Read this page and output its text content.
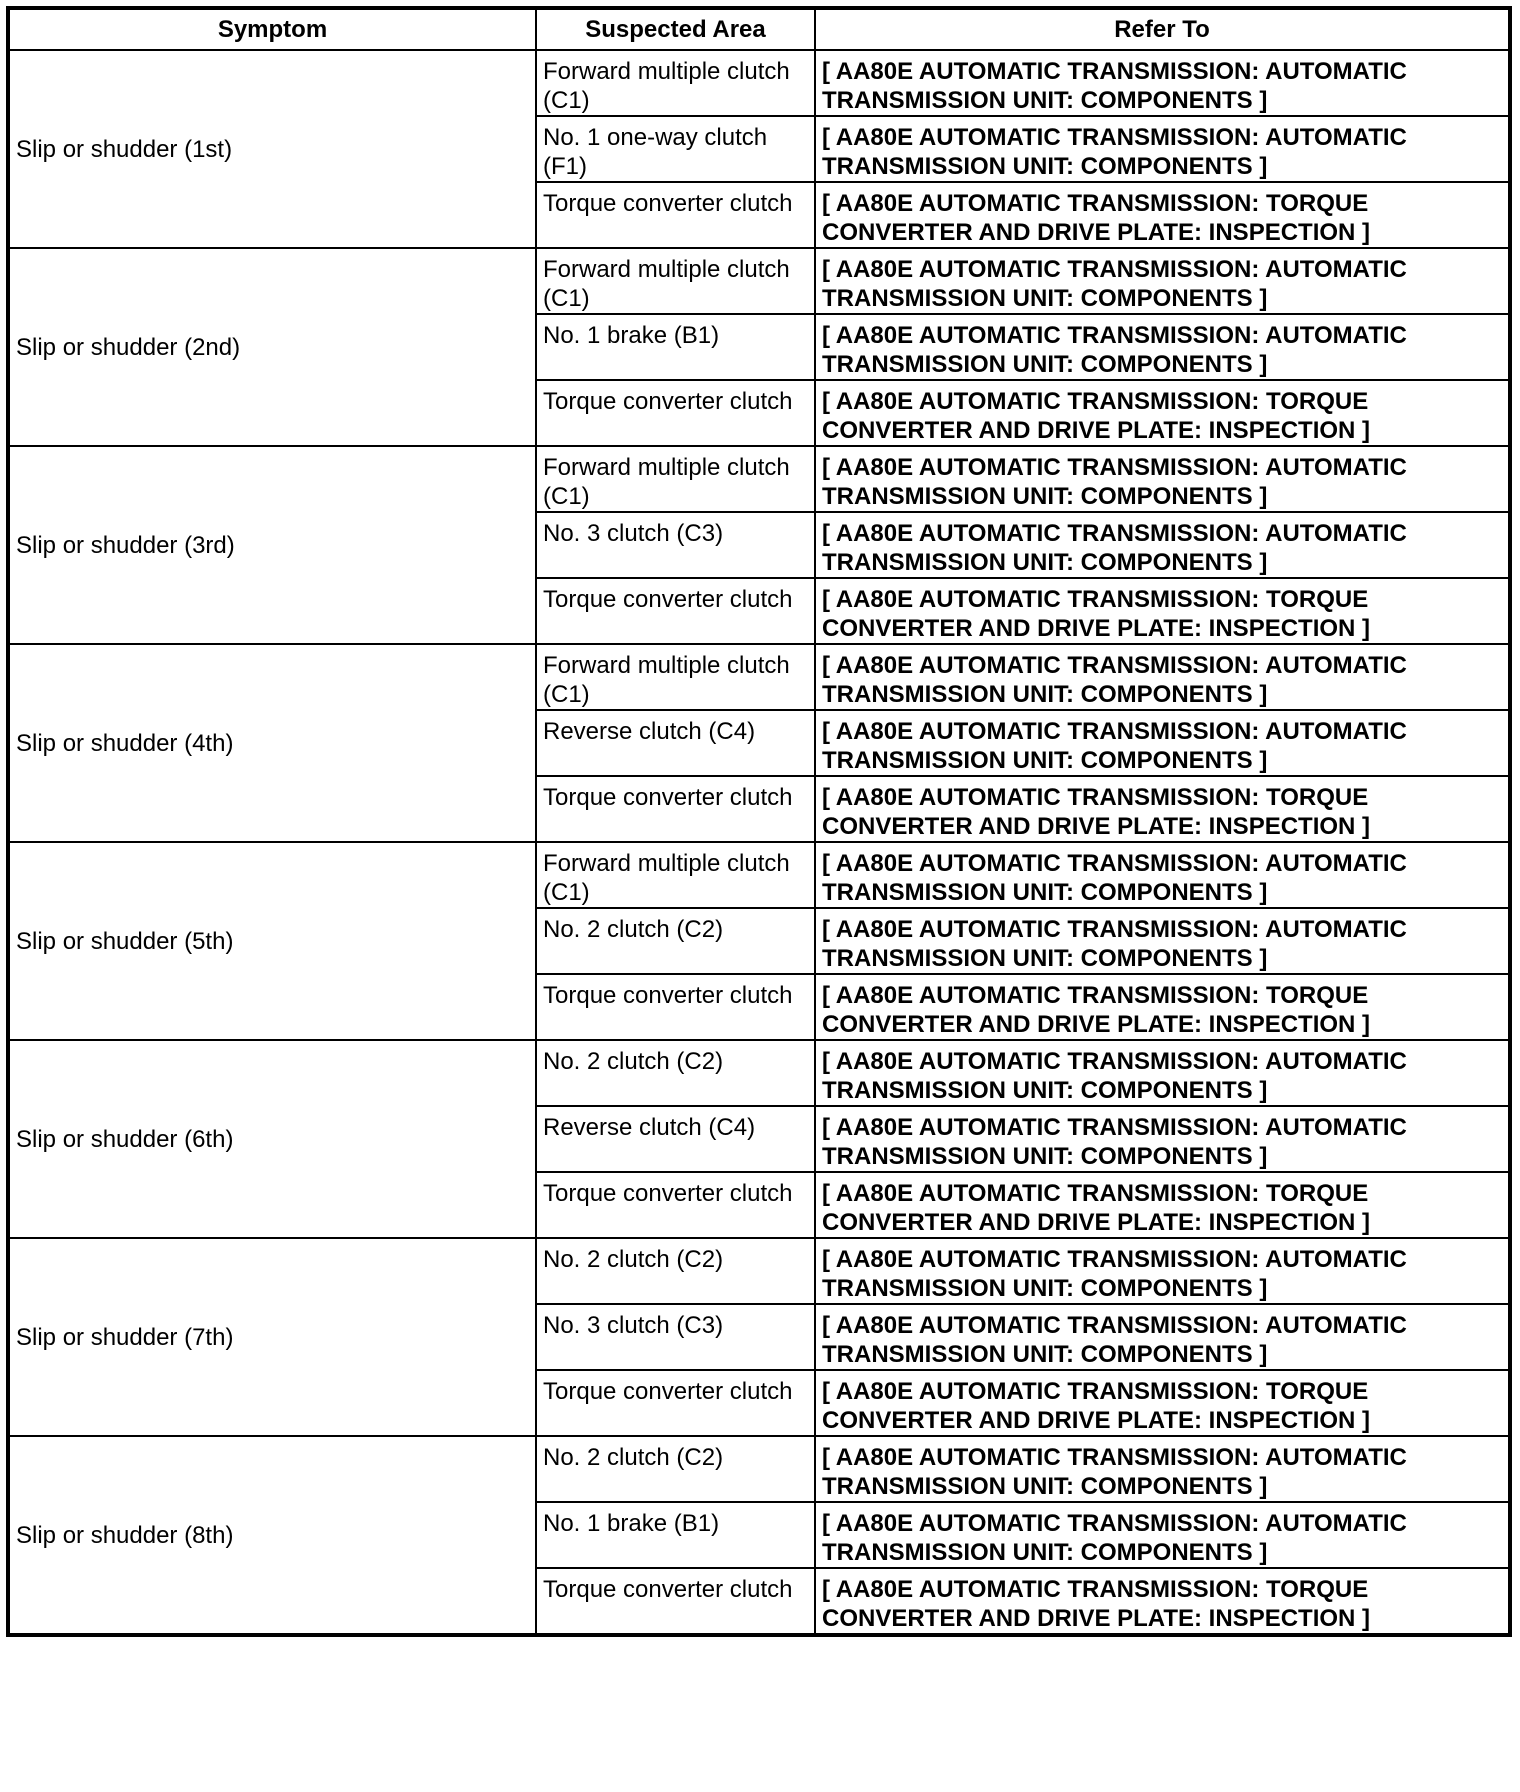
Symptom	Suspected Area	Refer To
Slip or shudder (1st)	Forward multiple clutch (C1)	[ AA80E AUTOMATIC TRANSMISSION: AUTOMATIC TRANSMISSION UNIT: COMPONENTS ]
	No. 1 one-way clutch (F1)	[ AA80E AUTOMATIC TRANSMISSION: AUTOMATIC TRANSMISSION UNIT: COMPONENTS ]
	Torque converter clutch	[ AA80E AUTOMATIC TRANSMISSION: TORQUE CONVERTER AND DRIVE PLATE: INSPECTION ]
Slip or shudder (2nd)	Forward multiple clutch (C1)	[ AA80E AUTOMATIC TRANSMISSION: AUTOMATIC TRANSMISSION UNIT: COMPONENTS ]
	No. 1 brake (B1)	[ AA80E AUTOMATIC TRANSMISSION: AUTOMATIC TRANSMISSION UNIT: COMPONENTS ]
	Torque converter clutch	[ AA80E AUTOMATIC TRANSMISSION: TORQUE CONVERTER AND DRIVE PLATE: INSPECTION ]
Slip or shudder (3rd)	Forward multiple clutch (C1)	[ AA80E AUTOMATIC TRANSMISSION: AUTOMATIC TRANSMISSION UNIT: COMPONENTS ]
	No. 3 clutch (C3)	[ AA80E AUTOMATIC TRANSMISSION: AUTOMATIC TRANSMISSION UNIT: COMPONENTS ]
	Torque converter clutch	[ AA80E AUTOMATIC TRANSMISSION: TORQUE CONVERTER AND DRIVE PLATE: INSPECTION ]
Slip or shudder (4th)	Forward multiple clutch (C1)	[ AA80E AUTOMATIC TRANSMISSION: AUTOMATIC TRANSMISSION UNIT: COMPONENTS ]
	Reverse clutch (C4)	[ AA80E AUTOMATIC TRANSMISSION: AUTOMATIC TRANSMISSION UNIT: COMPONENTS ]
	Torque converter clutch	[ AA80E AUTOMATIC TRANSMISSION: TORQUE CONVERTER AND DRIVE PLATE: INSPECTION ]
Slip or shudder (5th)	Forward multiple clutch (C1)	[ AA80E AUTOMATIC TRANSMISSION: AUTOMATIC TRANSMISSION UNIT: COMPONENTS ]
	No. 2 clutch (C2)	[ AA80E AUTOMATIC TRANSMISSION: AUTOMATIC TRANSMISSION UNIT: COMPONENTS ]
	Torque converter clutch	[ AA80E AUTOMATIC TRANSMISSION: TORQUE CONVERTER AND DRIVE PLATE: INSPECTION ]
Slip or shudder (6th)	No. 2 clutch (C2)	[ AA80E AUTOMATIC TRANSMISSION: AUTOMATIC TRANSMISSION UNIT: COMPONENTS ]
	Reverse clutch (C4)	[ AA80E AUTOMATIC TRANSMISSION: AUTOMATIC TRANSMISSION UNIT: COMPONENTS ]
	Torque converter clutch	[ AA80E AUTOMATIC TRANSMISSION: TORQUE CONVERTER AND DRIVE PLATE: INSPECTION ]
Slip or shudder (7th)	No. 2 clutch (C2)	[ AA80E AUTOMATIC TRANSMISSION: AUTOMATIC TRANSMISSION UNIT: COMPONENTS ]
	No. 3 clutch (C3)	[ AA80E AUTOMATIC TRANSMISSION: AUTOMATIC TRANSMISSION UNIT: COMPONENTS ]
	Torque converter clutch	[ AA80E AUTOMATIC TRANSMISSION: TORQUE CONVERTER AND DRIVE PLATE: INSPECTION ]
Slip or shudder (8th)	No. 2 clutch (C2)	[ AA80E AUTOMATIC TRANSMISSION: AUTOMATIC TRANSMISSION UNIT: COMPONENTS ]
	No. 1 brake (B1)	[ AA80E AUTOMATIC TRANSMISSION: AUTOMATIC TRANSMISSION UNIT: COMPONENTS ]
	Torque converter clutch	[ AA80E AUTOMATIC TRANSMISSION: TORQUE CONVERTER AND DRIVE PLATE: INSPECTION ]
